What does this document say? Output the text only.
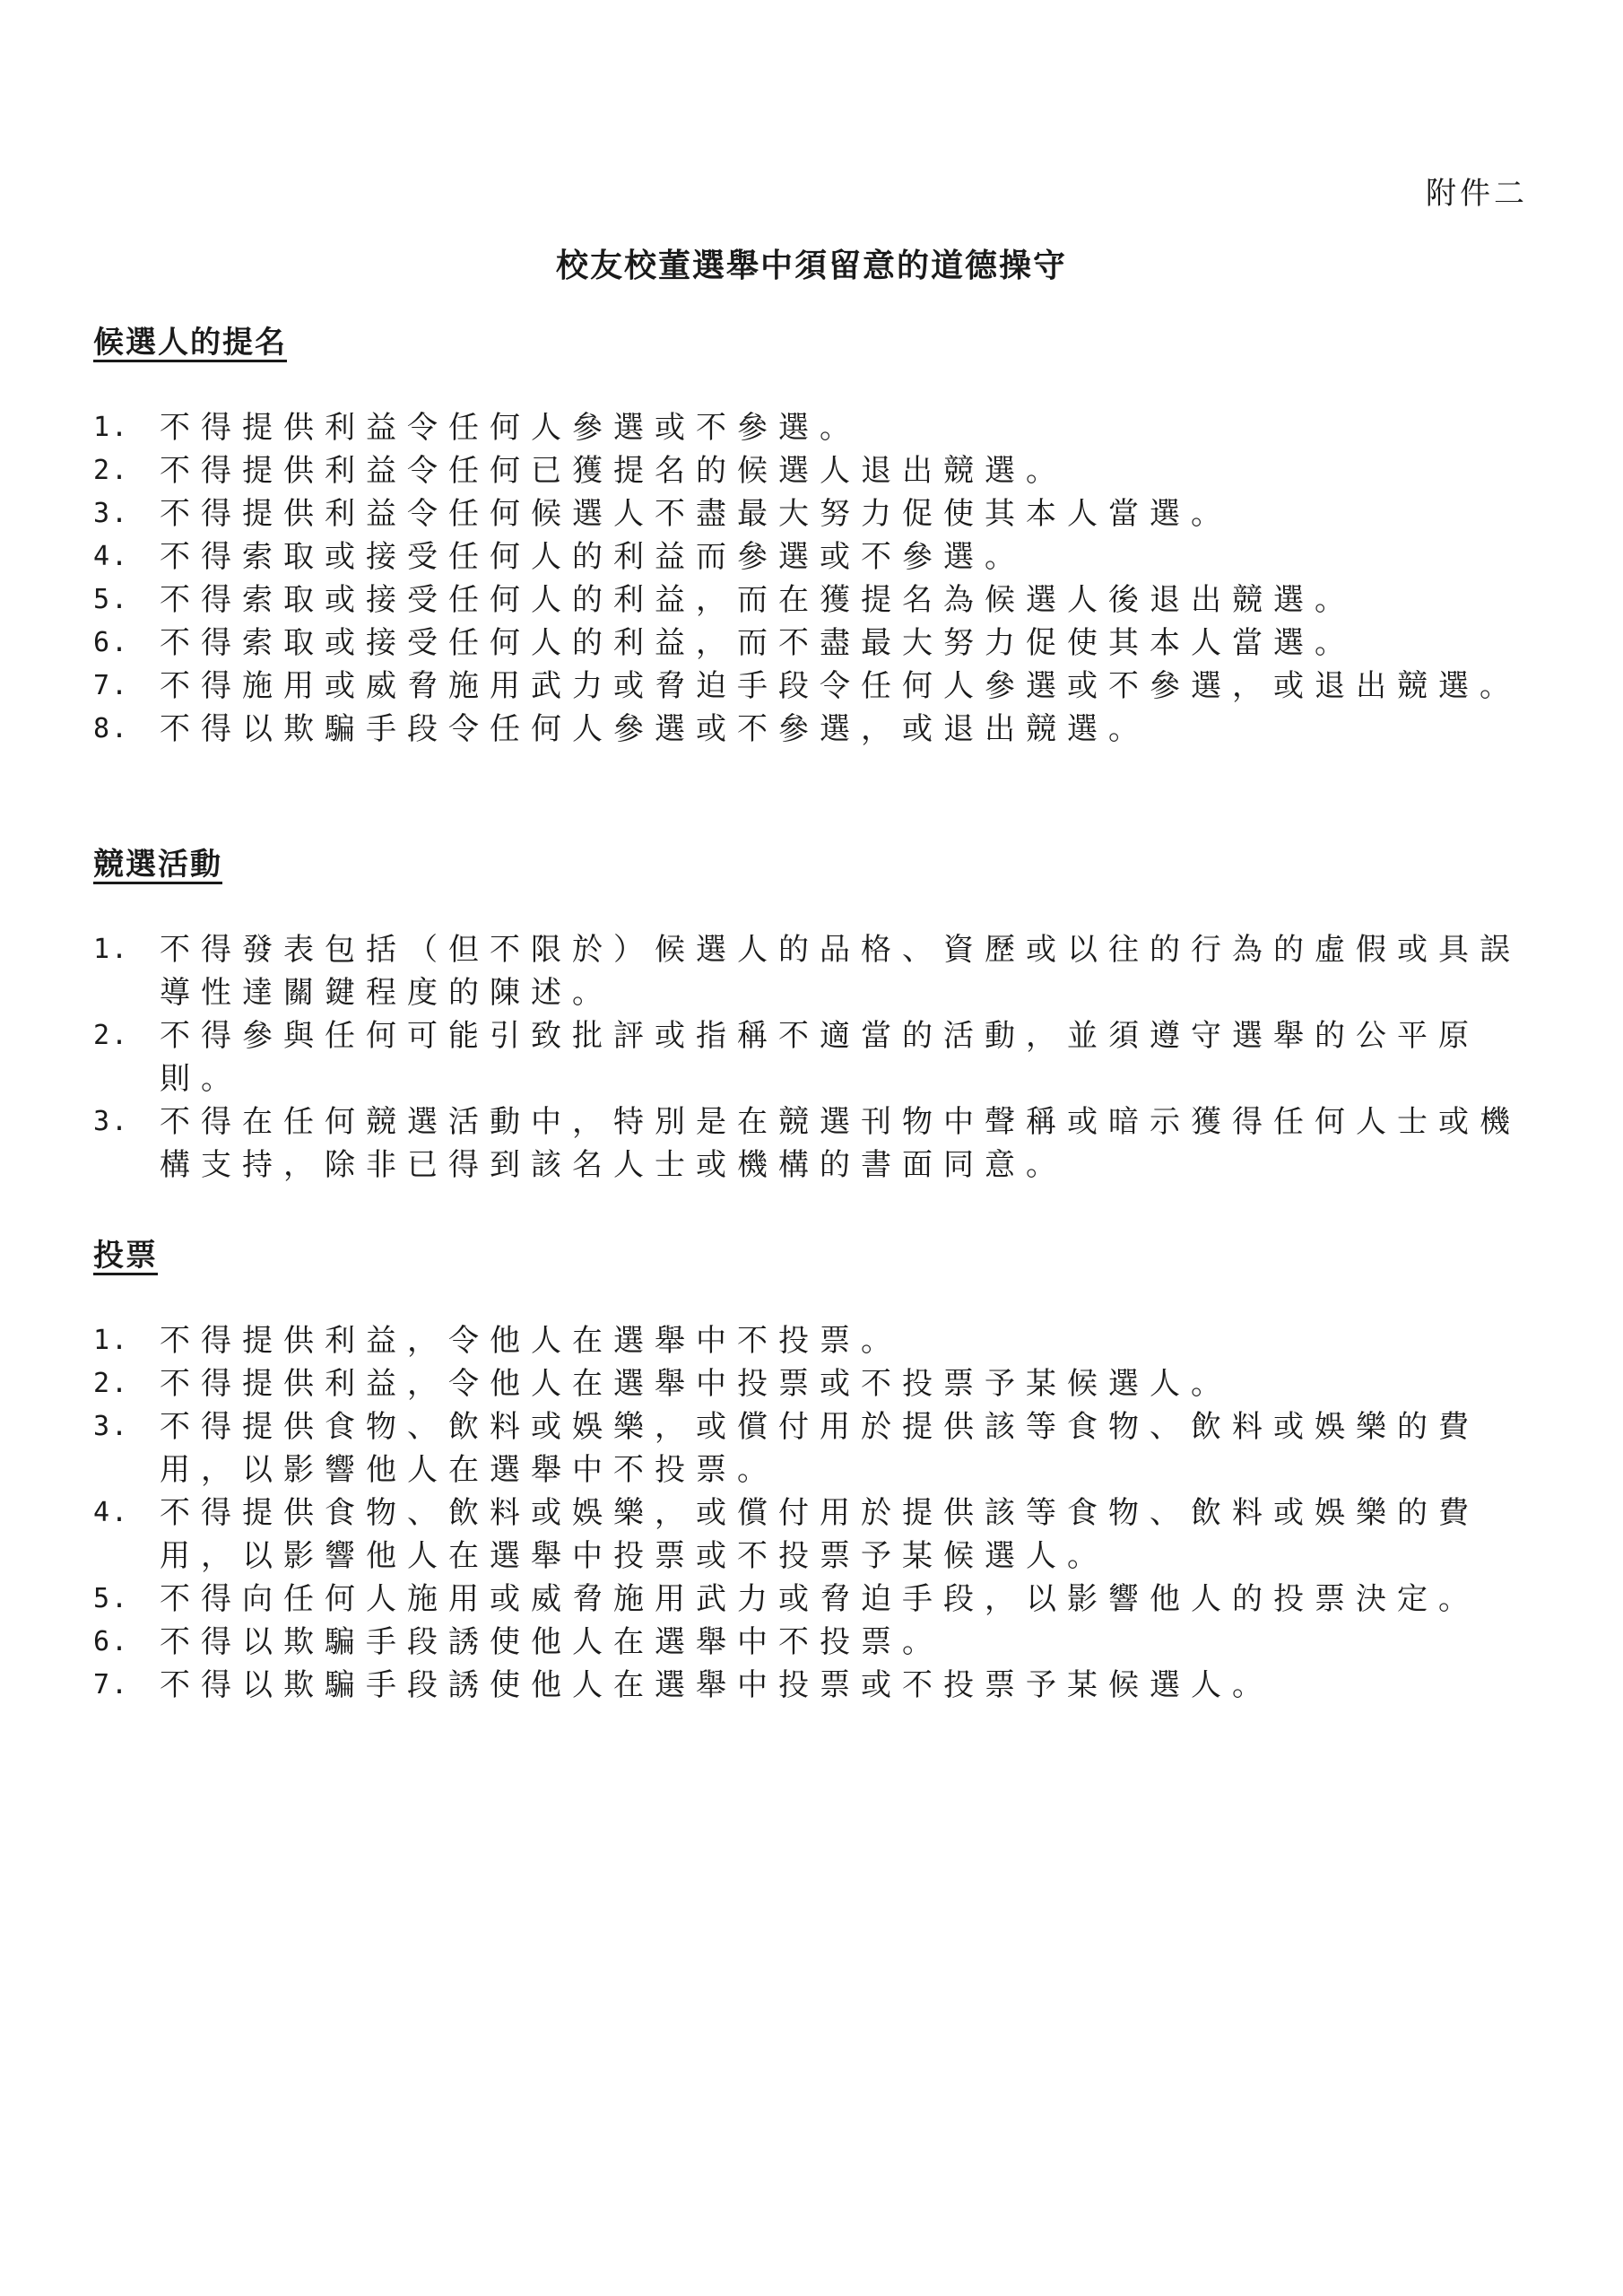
附件二
校友校董選舉中須留意的道德操守
候選人的提名
1. 不得提供利益令任何人參選或不參選。
2. 不得提供利益令任何已獲提名的候選人退出競選。
3. 不得提供利益令任何候選人不盡最大努力促使其本人當選。
4. 不得索取或接受任何人的利益而參選或不參選。
5. 不得索取或接受任何人的利益，而在獲提名為候選人後退出競選。
6. 不得索取或接受任何人的利益，而不盡最大努力促使其本人當選。
7. 不得施用或威脅施用武力或脅迫手段令任何人參選或不參選，或退出競選。
8. 不得以欺騙手段令任何人參選或不參選，或退出競選。
競選活動
1. 不得發表包括（但不限於）候選人的品格、資歷或以往的行為的虛假或具誤導性達關鍵程度的陳述。
2. 不得參與任何可能引致批評或指稱不適當的活動，並須遵守選舉的公平原則。
3. 不得在任何競選活動中，特別是在競選刊物中聲稱或暗示獲得任何人士或機構支持，除非已得到該名人士或機構的書面同意。
投票
1. 不得提供利益，令他人在選舉中不投票。
2. 不得提供利益，令他人在選舉中投票或不投票予某候選人。
3. 不得提供食物、飲料或娛樂，或償付用於提供該等食物、飲料或娛樂的費用，以影響他人在選舉中不投票。
4. 不得提供食物、飲料或娛樂，或償付用於提供該等食物、飲料或娛樂的費用，以影響他人在選舉中投票或不投票予某候選人。
5. 不得向任何人施用或威脅施用武力或脅迫手段，以影響他人的投票決定。
6. 不得以欺騙手段誘使他人在選舉中不投票。
7. 不得以欺騙手段誘使他人在選舉中投票或不投票予某候選人。
